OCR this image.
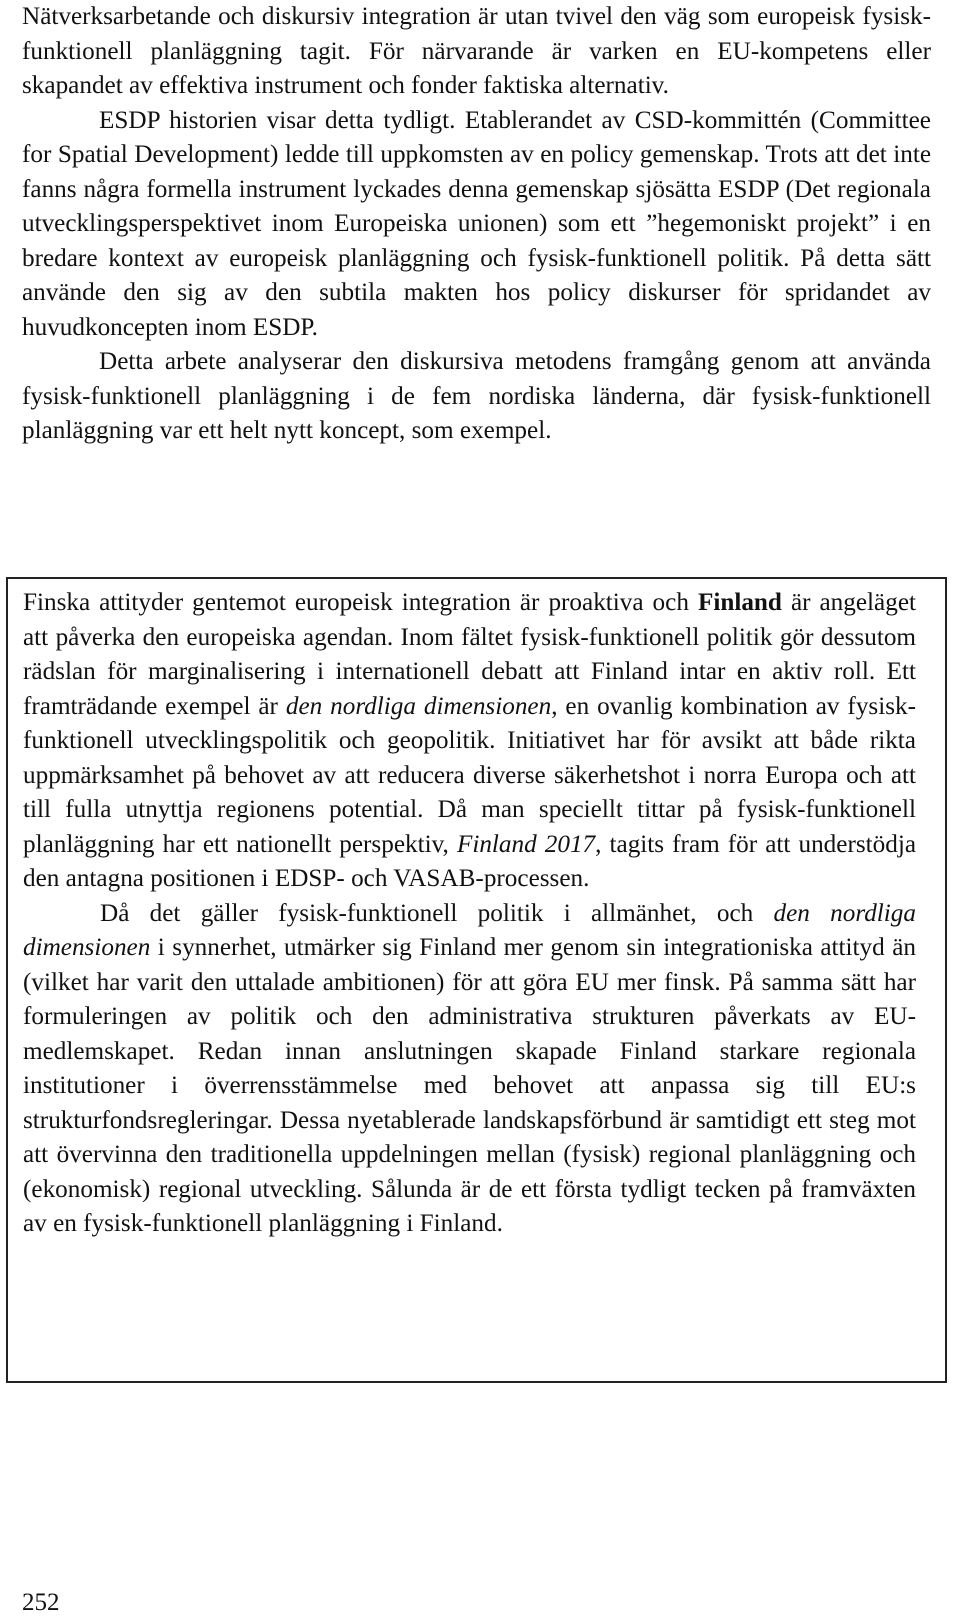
Nätverksarbetande och diskursiv integration är utan tvivel den väg som europeisk fysisk-funktionell planläggning tagit. För närvarande är varken en EU-kompetens eller skapandet av effektiva instrument och fonder faktiska alternativ.

ESDP historien visar detta tydligt. Etablerandet av CSD-kommittén (Committee for Spatial Development) ledde till uppkomsten av en policy gemenskap. Trots att det inte fanns några formella instrument lyckades denna gemenskap sjösätta ESDP (Det regionala utvecklingsperspektivet inom Europeiska unionen) som ett ”hegemoniskt projekt” i en bredare kontext av europeisk planläggning och fysisk-funktionell politik. På detta sätt använde den sig av den subtila makten hos policy diskurser för spridandet av huvudkoncepten inom ESDP.

Detta arbete analyserar den diskursiva metodens framgång genom att använda fysisk-funktionell planläggning i de fem nordiska länderna, där fysisk-funktionell planläggning var ett helt nytt koncept, som exempel.

Finska attityder gentemot europeisk integration är proaktiva och Finland är angeläget att påverka den europeiska agendan. Inom fältet fysisk-funktionell politik gör dessutom rädslan för marginalisering i internationell debatt att Finland intar en aktiv roll. Ett framträdande exempel är den nordliga dimensionen, en ovanlig kombination av fysisk-funktionell utvecklingspolitik och geopolitik. Initiativet har för avsikt att både rikta uppmärksamhet på behovet av att reducera diverse säkerhetshot i norra Europa och att till fulla utnyttja regionens potential. Då man speciellt tittar på fysisk-funktionell planläggning har ett nationellt perspektiv, Finland 2017, tagits fram för att understödja den antagna positionen i EDSP- och VASAB-processen.

Då det gäller fysisk-funktionell politik i allmänhet, och den nordliga dimensionen i synnerhet, utmärker sig Finland mer genom sin integrationiska attityd än (vilket har varit den uttalade ambitionen) för att göra EU mer finsk. På samma sätt har formuleringen av politik och den administrativa strukturen påverkats av EU-medlemskapet. Redan innan anslutningen skapade Finland starkare regionala institutioner i överrensstämmelse med behovet att anpassa sig till EU:s strukturfondsregleringar. Dessa nyetablerade landskapsförbund är samtidigt ett steg mot att övervinna den traditionella uppdelningen mellan (fysisk) regional planläggning och (ekonomisk) regional utveckling. Sålunda är de ett första tydligt tecken på framväxten av en fysisk-funktionell planläggning i Finland.

252
